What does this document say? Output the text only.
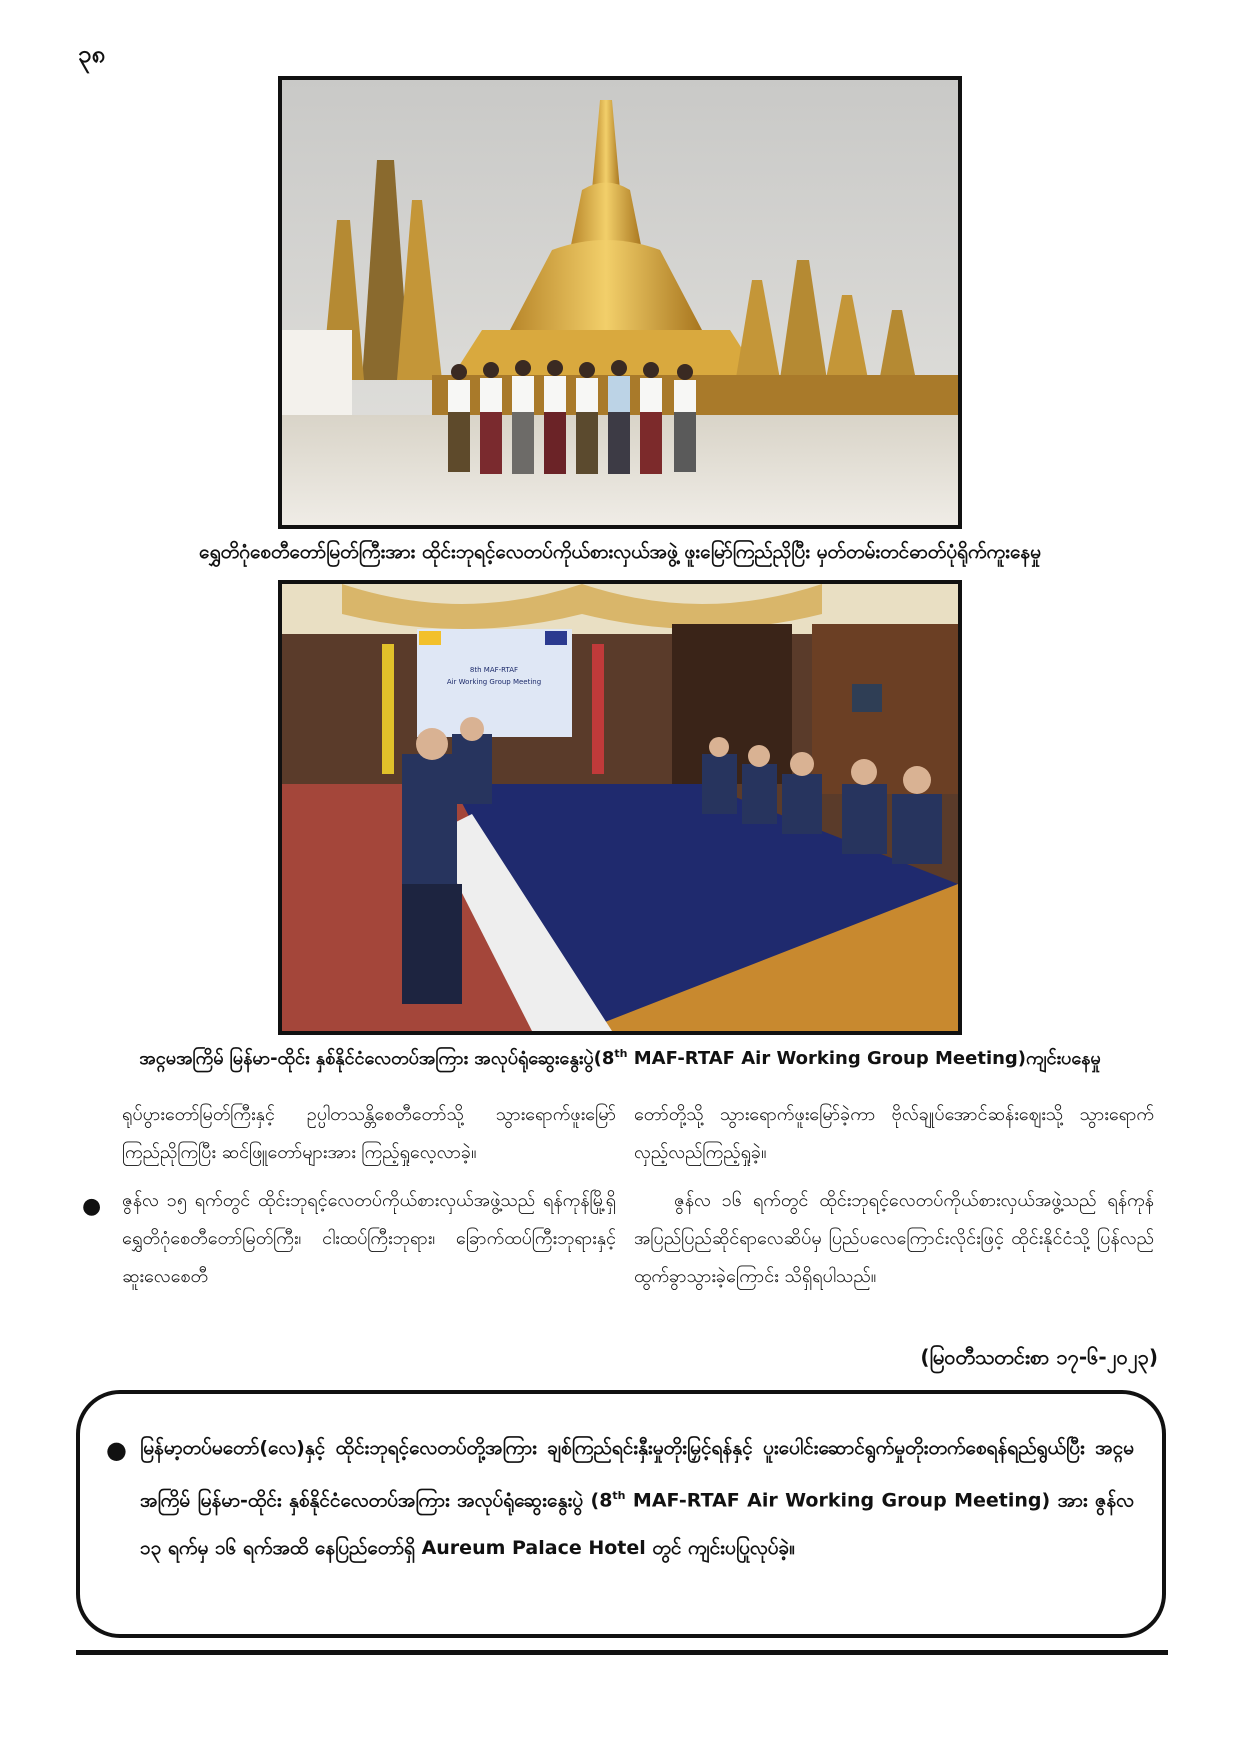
၃၈
ရွှေတိဂုံစေတီတော်မြတ်ကြီးအား ထိုင်းဘုရင့်လေတပ်ကိုယ်စားလှယ်အဖွဲ့ ဖူးမြော်ကြည်ညိုပြီး မှတ်တမ်းတင်ဓာတ်ပုံရိုက်ကူးနေမှု
8th MAF-RTAF
Air Working Group Meeting
အင္ဂမအကြိမ် မြန်မာ-ထိုင်း နှစ်နိုင်ငံလေတပ်အကြား အလုပ်ရုံဆွေးနွေးပွဲ(8th MAF-RTAF Air Working Group Meeting)ကျင်းပနေမှု

ရုပ်ပွားတော်မြတ်ကြီးနှင့် ဥပ္ပါတသန္တိစေတီတော်သို့ သွားရောက်ဖူးမြော်ကြည်ညိုကြပြီး ဆင်ဖြူတော်များအား ကြည့်ရှုလေ့လာခဲ့။

● ဇွန်လ ၁၅ ရက်တွင် ထိုင်းဘုရင့်လေတပ်ကိုယ်စားလှယ်အဖွဲ့သည် ရန်ကုန်မြို့ရှိ ရွှေတိဂုံစေတီတော်မြတ်ကြီး၊ ငါးထပ်ကြီးဘုရား၊ ခြောက်ထပ်ကြီးဘုရားနှင့် ဆူးလေစေတီ

တော်တို့သို့ သွားရောက်ဖူးမြော်ခဲ့ကာ ဗိုလ်ချုပ်အောင်ဆန်းဈေးသို့ သွားရောက်လှည့်လည်ကြည့်ရှုခဲ့။

ဇွန်လ ၁၆ ရက်တွင် ထိုင်းဘုရင့်လေတပ်ကိုယ်စားလှယ်အဖွဲ့သည် ရန်ကုန်အပြည်ပြည်ဆိုင်ရာလေဆိပ်မှ ပြည်ပလေကြောင်းလိုင်းဖြင့် ထိုင်းနိုင်ငံသို့ ပြန်လည်ထွက်ခွာသွားခဲ့ကြောင်း သိရှိရပါသည်။

(မြဝတီသတင်းစာ ၁၇-၆-၂၀၂၃)
● မြန်မာ့တပ်မတော်(လေ)နှင့် ထိုင်းဘုရင့်လေတပ်တို့အကြား ချစ်ကြည်ရင်းနှီးမှုတိုးမြှင့်ရန်နှင့် ပူးပေါင်းဆောင်ရွက်မှုတိုးတက်စေရန်ရည်ရွယ်ပြီး အင္ဂမအကြိမ် မြန်မာ-ထိုင်း နှစ်နိုင်ငံလေတပ်အကြား အလုပ်ရုံဆွေးနွေးပွဲ (8th MAF-RTAF Air Working Group Meeting) အား ဇွန်လ ၁၃ ရက်မှ ၁၆ ရက်အထိ နေပြည်တော်ရှိ Aureum Palace Hotel တွင် ကျင်းပပြုလုပ်ခဲ့။
